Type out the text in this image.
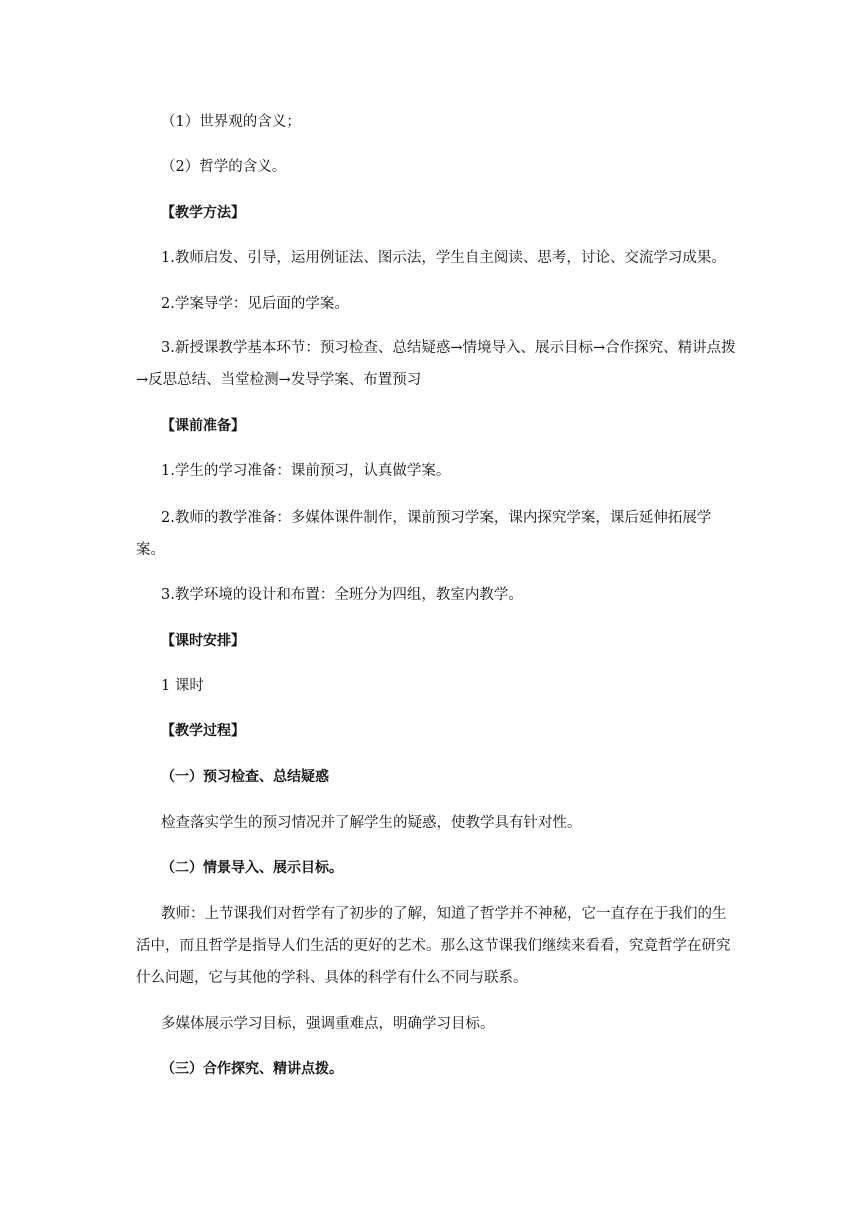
（1）世界观的含义；
（2）哲学的含义。
【教学方法】
1.教师启发、引导，运用例证法、图示法，学生自主阅读、思考，讨论、交流学习成果。
2.学案导学：见后面的学案。
3.新授课教学基本环节：预习检查、总结疑惑→情境导入、展示目标→合作探究、精讲点拨→反思总结、当堂检测→发导学案、布置预习
【课前准备】
1.学生的学习准备：课前预习，认真做学案。
2.教师的教学准备：多媒体课件制作，课前预习学案，课内探究学案，课后延伸拓展学案。
3.教学环境的设计和布置：全班分为四组，教室内教学。
【课时安排】
1 课时
【教学过程】
（一）预习检查、总结疑惑
检查落实学生的预习情况并了解学生的疑惑，使教学具有针对性。
（二）情景导入、展示目标。
教师：上节课我们对哲学有了初步的了解，知道了哲学并不神秘，它一直存在于我们的生活中，而且哲学是指导人们生活的更好的艺术。那么这节课我们继续来看看，究竟哲学在研究什么问题，它与其他的学科、具体的科学有什么不同与联系。
多媒体展示学习目标，强调重难点，明确学习目标。
（三）合作探究、精讲点拨。
